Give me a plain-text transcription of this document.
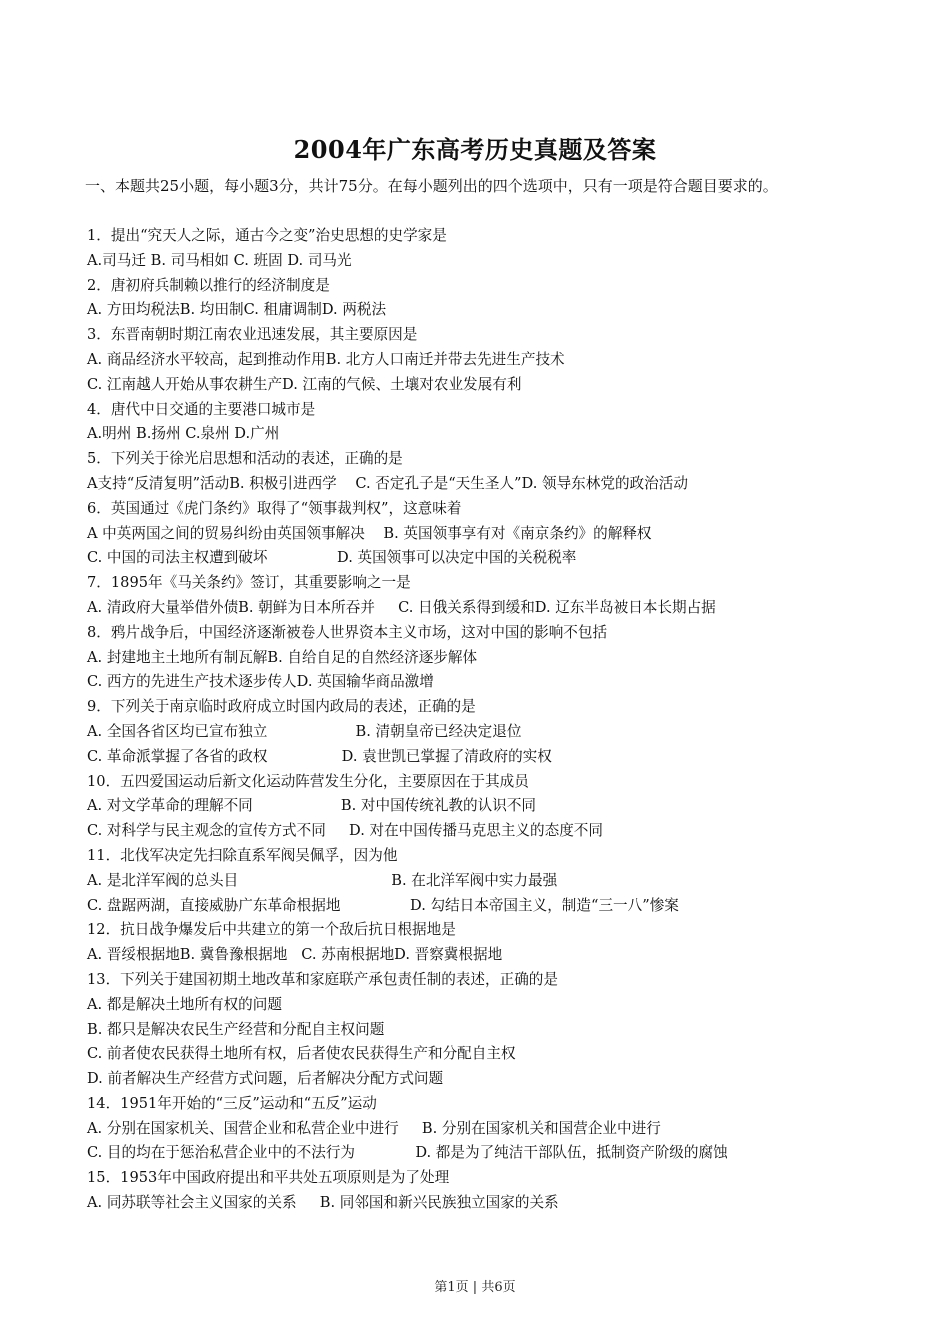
2004年广东高考历史真题及答案
一、本题共25小题，每小题3分，共计75分。在每小题列出的四个选项中，只有一项是符合题目要求的。
1．提出“究天人之际，通古今之变”治史思想的史学家是
A.司马迁 B. 司马相如 C. 班固 D. 司马光
2．唐初府兵制赖以推行的经济制度是
A. 方田均税法B. 均田制C. 租庸调制D. 两税法
3．东晋南朝时期江南农业迅速发展，其主要原因是
A. 商品经济水平较高，起到推动作用B. 北方人口南迁并带去先进生产技术
C. 江南越人开始从事农耕生产D. 江南的气候、土壤对农业发展有利
4．唐代中日交通的主要港口城市是
A.明州 B.扬州 C.泉州 D.广州
5．下列关于徐光启思想和活动的表述，正确的是
A支持“反清复明”活动B. 积极引进西学    C. 否定孔子是“天生圣人”D. 领导东林党的政治活动
6．英国通过《虎门条约》取得了“领事裁判权”，这意味着
A 中英两国之间的贸易纠纷由英国领事解决    B. 英国领事享有对《南京条约》的解释权
C. 中国的司法主权遭到破坏               D. 英国领事可以决定中国的关税税率
7．1895年《马关条约》签订，其重要影响之一是
A. 清政府大量举借外债B. 朝鲜为日本所吞并     C. 日俄关系得到缓和D. 辽东半岛被日本长期占据
8．鸦片战争后，中国经济逐渐被卷人世界资本主义市场，这对中国的影响不包括
A. 封建地主土地所有制瓦解B. 自给自足的自然经济逐步解体
C. 西方的先进生产技术逐步传人D. 英国输华商品激增
9．下列关于南京临时政府成立时国内政局的表述，正确的是
A. 全国各省区均已宣布独立                   B. 清朝皇帝已经决定退位
C. 革命派掌握了各省的政权                D. 袁世凯已掌握了清政府的实权
10．五四爱国运动后新文化运动阵营发生分化，主要原因在于其成员
A. 对文学革命的理解不同                   B. 对中国传统礼教的认识不同
C. 对科学与民主观念的宣传方式不同     D. 对在中国传播马克思主义的态度不同
11．北伐军决定先扫除直系军阀吴佩孚，因为他
A. 是北洋军阀的总头目                                 B. 在北洋军阀中实力最强
C. 盘踞两湖，直接威胁广东革命根据地               D. 勾结日本帝国主义，制造“三一八”惨案
12．抗日战争爆发后中共建立的第一个敌后抗日根据地是
A. 晋绥根据地B. 冀鲁豫根据地   C. 苏南根据地D. 晋察冀根据地
13．下列关于建国初期土地改革和家庭联产承包责任制的表述，正确的是
A. 都是解决土地所有权的问题
B. 都只是解决农民生产经营和分配自主权问题
C. 前者使农民获得土地所有权，后者使农民获得生产和分配自主权
D. 前者解决生产经营方式问题，后者解决分配方式问题
14．1951年开始的“三反”运动和“五反”运动
A. 分别在国家机关、国营企业和私营企业中进行     B. 分别在国家机关和国营企业中进行
C. 目的均在于惩治私营企业中的不法行为             D. 都是为了纯洁干部队伍，抵制资产阶级的腐蚀
15．1953年中国政府提出和平共处五项原则是为了处理
A. 同苏联等社会主义国家的关系     B. 同邻国和新兴民族独立国家的关系
第1页 | 共6页
